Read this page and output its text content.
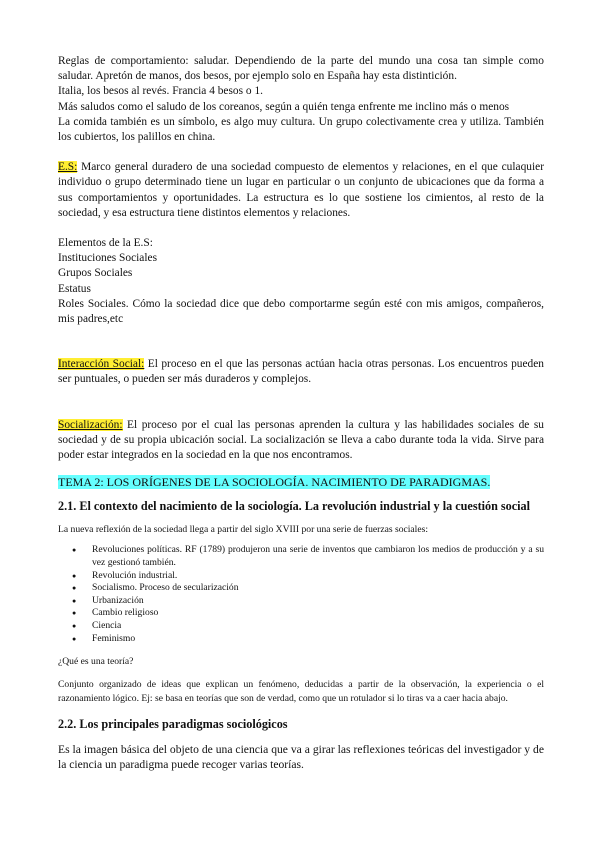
Reglas de comportamiento: saludar. Dependiendo de la parte del mundo una cosa tan simple como saludar. Apretón de manos, dos besos, por ejemplo solo en España hay esta distintición.

Italia, los besos al revés. Francia 4 besos o 1.

Más saludos como el saludo de los coreanos, según a quién tenga enfrente me inclino más o menos

La comida también es un símbolo, es algo muy cultura. Un grupo colectivamente crea y utiliza. También los cubiertos, los palillos en china.

E.S: Marco general duradero de una sociedad compuesto de elementos y relaciones, en el que culaquier individuo o grupo determinado tiene un lugar en particular o un conjunto de ubicaciones que da forma a sus comportamientos y oportunidades. La estructura es lo que sostiene los cimientos, al resto de la sociedad, y esa estructura tiene distintos elementos y relaciones.

Elementos de la E.S:

Instituciones Sociales

Grupos Sociales

Estatus

Roles Sociales. Cómo la sociedad dice que debo comportarme según esté con mis amigos, compañeros, mis padres,etc

Interacción Social: El proceso en el que las personas actúan hacia otras personas. Los encuentros pueden ser puntuales, o pueden ser más duraderos y complejos.

Socialización: El proceso por el cual las personas aprenden la cultura y las habilidades sociales de su sociedad y de su propia ubicación social. La socialización se lleva a cabo durante toda la vida. Sirve para poder estar integrados en la sociedad en la que nos encontramos.

TEMA 2: LOS ORÍGENES DE LA SOCIOLOGÍA. NACIMIENTO DE PARADIGMAS.

2.1. El contexto del nacimiento de la sociología. La revolución industrial y la cuestión social

La nueva reflexión de la sociedad llega a partir del siglo XVIII por una serie de fuerzas sociales:

● Revoluciones políticas. RF (1789) produjeron una serie de inventos que cambiaron los medios de producción y a su vez gestionó también.
● Revolución industrial.
● Socialismo. Proceso de secularización
● Urbanización
● Cambio religioso
● Ciencia
● Feminismo

¿Qué es una teoría?

Conjunto organizado de ideas que explican un fenómeno, deducidas a partir de la observación, la experiencia o el razonamiento lógico. Ej: se basa en teorías que son de verdad, como que un rotulador si lo tiras va a caer hacia abajo.

2.2. Los principales paradigmas sociológicos

Es la imagen básica del objeto de una ciencia que va a girar las reflexiones teóricas del investigador y de la ciencia un paradigma puede recoger varias teorías.
